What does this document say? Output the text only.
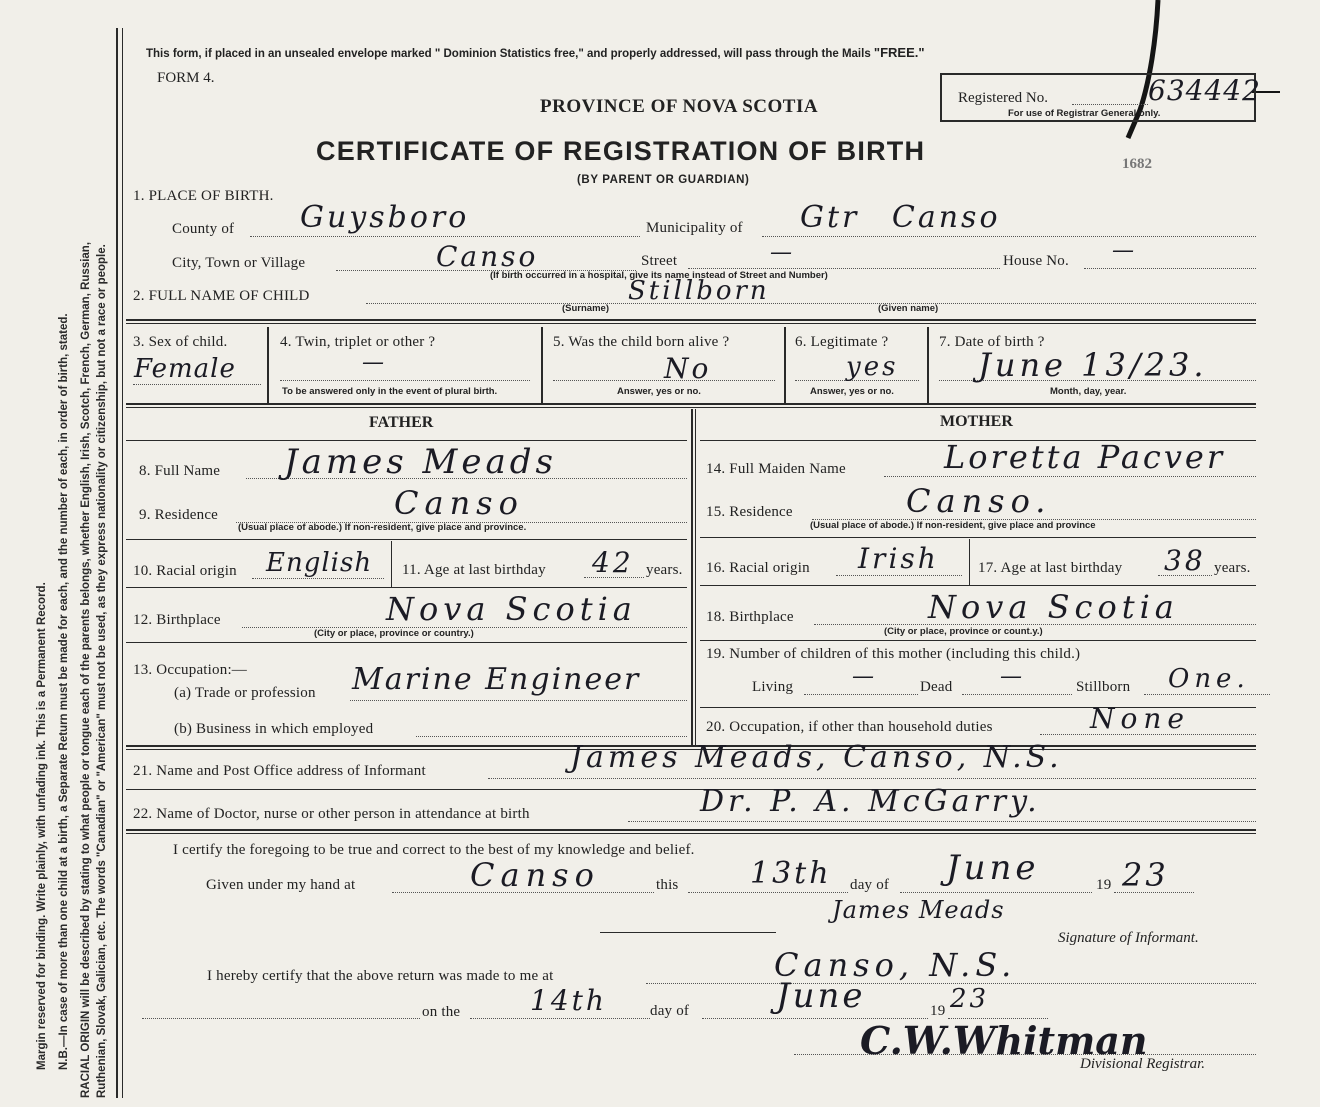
Margin reserved for binding. Write plainly, with unfading ink. This is a Permanent Record. N.B.—In case of more than one child at a birth, a Separate Return must be made for each, and the number of each, in order of birth, stated. RACIAL ORIGIN will be described by stating to what people or tongue each of the parents belongs, whether English, Irish, Scotch, French, German, Russian, Ruthenian, Slovak, Galician, etc. The words "Canadian" or "American" must not be used, as they express nationality or citizenship, but not a race or people.
This form, if placed in an unsealed envelope marked " Dominion Statistics free," and properly addressed, will pass through the Mails "FREE."
FORM 4.
PROVINCE OF NOVA SCOTIA
CERTIFICATE OF REGISTRATION OF BIRTH
(BY PARENT OR GUARDIAN)
Registered No.	634442
For use of Registrar General only.
1682
1. PLACE OF BIRTH.
County of Guysboro	Municipality of Gtr Canso
City, Town or Village	Canso	Street	—	House No. —
(If birth occurred in a hospital, give its name instead of Street and Number)
2. FULL NAME OF CHILD	Stillborn
(Surname)	(Given name)
3. Sex of child.
Female
4. Twin, triplet or other ?
—
To be answered only in the event of plural birth.
5. Was the child born alive ?
No
Answer, yes or no.
6. Legitimate ?
yes
Answer, yes or no.
7. Date of birth ?
June 13/23.
Month, day, year.
FATHER	MOTHER
8. Full Name James Meads
9. Residence	Canso
(Usual place of abode.) If non-resident, give place and province.
10. Racial origin English 11. Age at last birthday 42 years.
12. Birthplace	Nova Scotia
(City or place, province or country.)
13. Occupation:—
(a) Trade or profession Marine Engineer
(b) Business in which employed
14. Full Maiden Name	Loretta Pacver
15. Residence	Canso.
(Usual place of abode.) If non-resident, give place and province
16. Racial origin Irish	17. Age at last birthday 38 years.
18. Birthplace	Nova Scotia
(City or place, province or count.y.)
19. Number of children of this mother (including this child.)
Living	—	Dead —	Stillborn One.
20. Occupation, if other than household duties	None
21. Name and Post Office address of Informant	James Meads, Canso, N.S.
22. Name of Doctor, nurse or other person in attendance at birth	Dr. P. A. McGarry.
I certify the foregoing to be true and correct to the best of my knowledge and belief.
Given under my hand at	Canso	this 13th day of June	19 23
James Meads
Signature of Informant.
I hereby certify that the above return was made to me at	Canso, N.S.
on the 14th	day of	June	19 23
C.W.Whitman
Divisional Registrar.
